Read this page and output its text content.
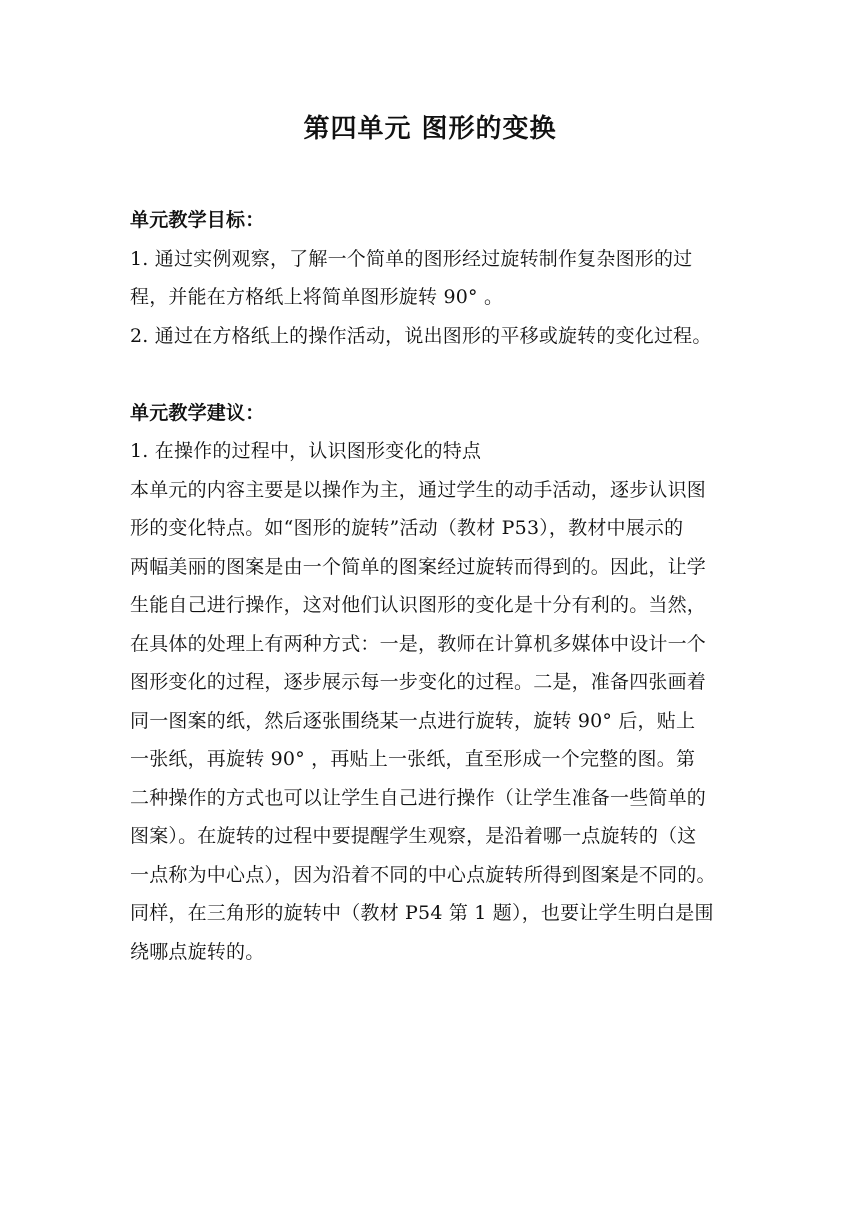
第四单元 图形的变换
单元教学目标：
1. 通过实例观察，了解一个简单的图形经过旋转制作复杂图形的过
程，并能在方格纸上将简单图形旋转 90° 。
2. 通过在方格纸上的操作活动，说出图形的平移或旋转的变化过程。
单元教学建议：
1. 在操作的过程中，认识图形变化的特点
本单元的内容主要是以操作为主，通过学生的动手活动，逐步认识图
形的变化特点。如“图形的旋转”活动（教材 P53），教材中展示的
两幅美丽的图案是由一个简单的图案经过旋转而得到的。因此，让学
生能自己进行操作，这对他们认识图形的变化是十分有利的。当然，
在具体的处理上有两种方式：一是，教师在计算机多媒体中设计一个
图形变化的过程，逐步展示每一步变化的过程。二是，准备四张画着
同一图案的纸，然后逐张围绕某一点进行旋转，旋转 90° 后，贴上
一张纸，再旋转 90° ，再贴上一张纸，直至形成一个完整的图。第
二种操作的方式也可以让学生自己进行操作（让学生准备一些简单的
图案）。在旋转的过程中要提醒学生观察，是沿着哪一点旋转的（这
一点称为中心点），因为沿着不同的中心点旋转所得到图案是不同的。
同样，在三角形的旋转中（教材 P54 第 1 题），也要让学生明白是围
绕哪点旋转的。
